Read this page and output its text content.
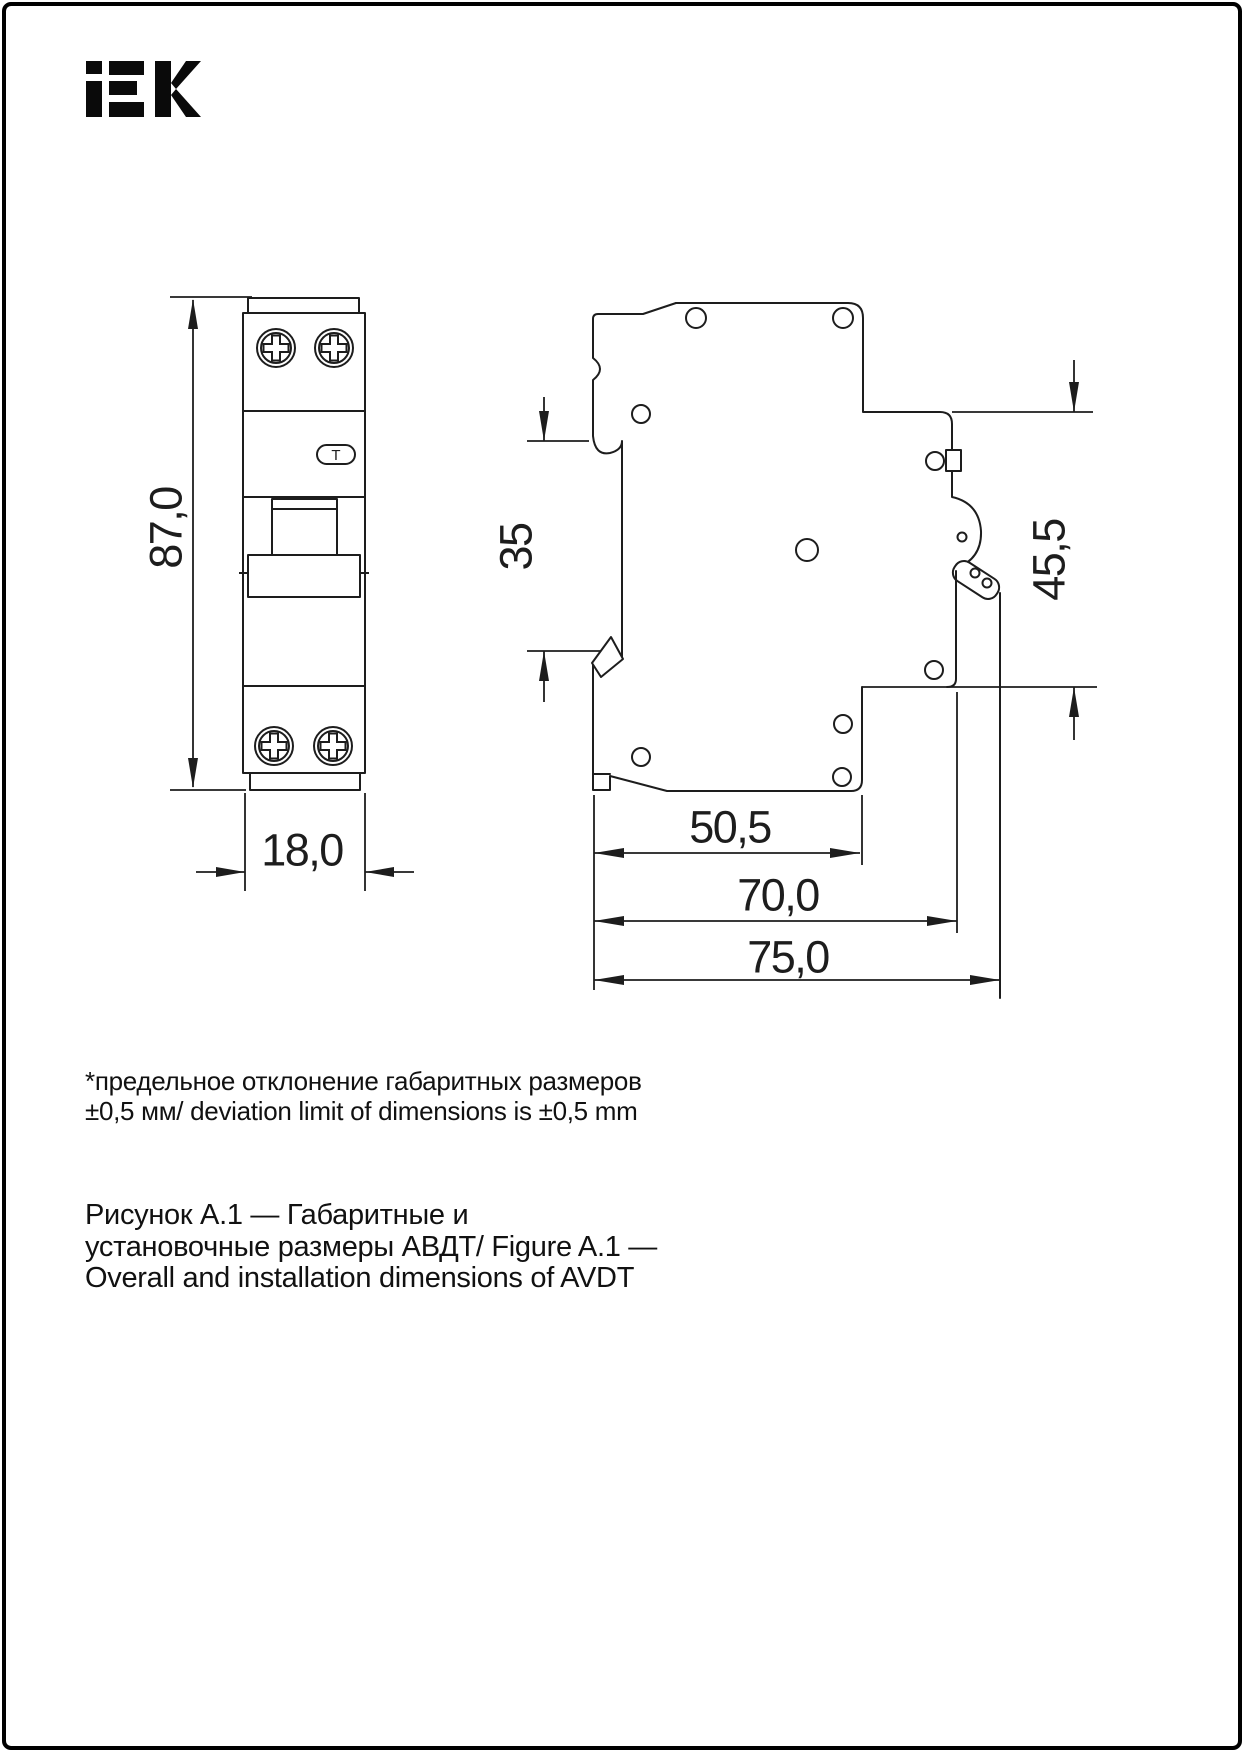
Т
87,0
18,0
35	45,5
50,5
70,0
75,0
*предельное отклонение габаритных размеров
±0,5 мм/ deviation limit of dimensions is ±0,5 mm
Рисунок А.1 — Габаритные и
установочные размеры АВДТ/ Figure A.1 —
Overall and installation dimensions of AVDT
